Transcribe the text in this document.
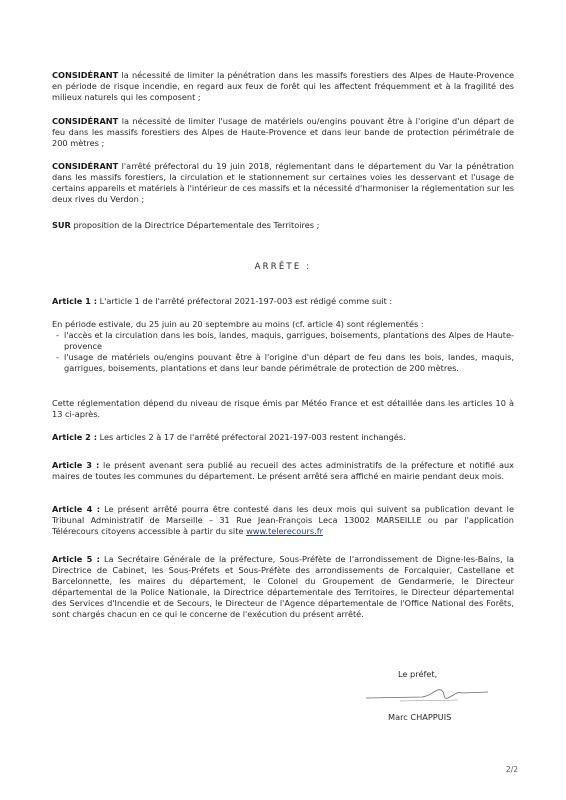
CONSIDÉRANT la nécessité de limiter la pénétration dans les massifs forestiers des Alpes de Haute-Provence en période de risque incendie, en regard aux feux de forêt qui les affectent fréquemment et à la fragilité des milieux naturels qui les composent ;

CONSIDÉRANT la nécessité de limiter l'usage de matériels ou/engins pouvant être à l'origine d'un départ de feu dans les massifs forestiers des Alpes de Haute-Provence et dans leur bande de protection périmétrale de 200 mètres ;

CONSIDÉRANT l'arrêté préfectoral du 19 juin 2018, réglementant dans le département du Var la pénétration dans les massifs forestiers, la circulation et le stationnement sur certaines voies les desservant et l'usage de certains appareils et matériels à l'intérieur de ces massifs et la nécessité d'harmoniser la réglementation sur les deux rives du Verdon ;

SUR proposition de la Directrice Départementale des Territoires ;

ARRÊTE :

Article 1 : L'article 1 de l'arrêté préfectoral 2021-197-003 est rédigé comme suit :

En période estivale, du 25 juin au 20 septembre au moins (cf. article 4) sont réglementés :

- l'accès et la circulation dans les bois, landes, maquis, garrigues, boisements, plantations des Alpes de Haute-provence
- l'usage de matériels ou/engins pouvant être à l'origine d'un départ de feu dans les bois, landes, maquis, garrigues, boisements, plantations et dans leur bande périmétrale de protection de 200 mètres.

Cette réglementation dépend du niveau de risque émis par Météo France et est détaillée dans les articles 10 à 13 ci-après.

Article 2 : Les articles 2 à 17 de l'arrêté préfectoral 2021-197-003 restent inchangés.

Article 3 : le présent avenant sera publié au recueil des actes administratifs de la préfecture et notifié aux maires de toutes les communes du département. Le présent arrêté sera affiché en mairie pendant deux mois.

Article 4 : Le présent arrêté pourra être contesté dans les deux mois qui suivent sa publication devant le Tribunal Administratif de Marseille – 31 Rue Jean-François Leca 13002 MARSEILLE ou par l'application Télérecours citoyens accessible à partir du site www.telerecours.fr

Article 5 : La Secrétaire Générale de la préfecture, Sous-Préfète de l'arrondissement de Digne-les-Bains, la Directrice de Cabinet, les Sous-Préfets et Sous-Préfète des arrondissements de Forcalquier, Castellane et Barcelonnette, les maires du département, le Colonel du Groupement de Gendarmerie, le Directeur départemental de la Police Nationale, la Directrice départementale des Territoires, le Directeur départemental des Services d'Incendie et de Secours, le Directeur de l'Agence départementale de l'Office National des Forêts, sont chargés chacun en ce qui le concerne de l'exécution du présent arrêté.

Le préfet,
Marc CHAPPUIS
2/2
